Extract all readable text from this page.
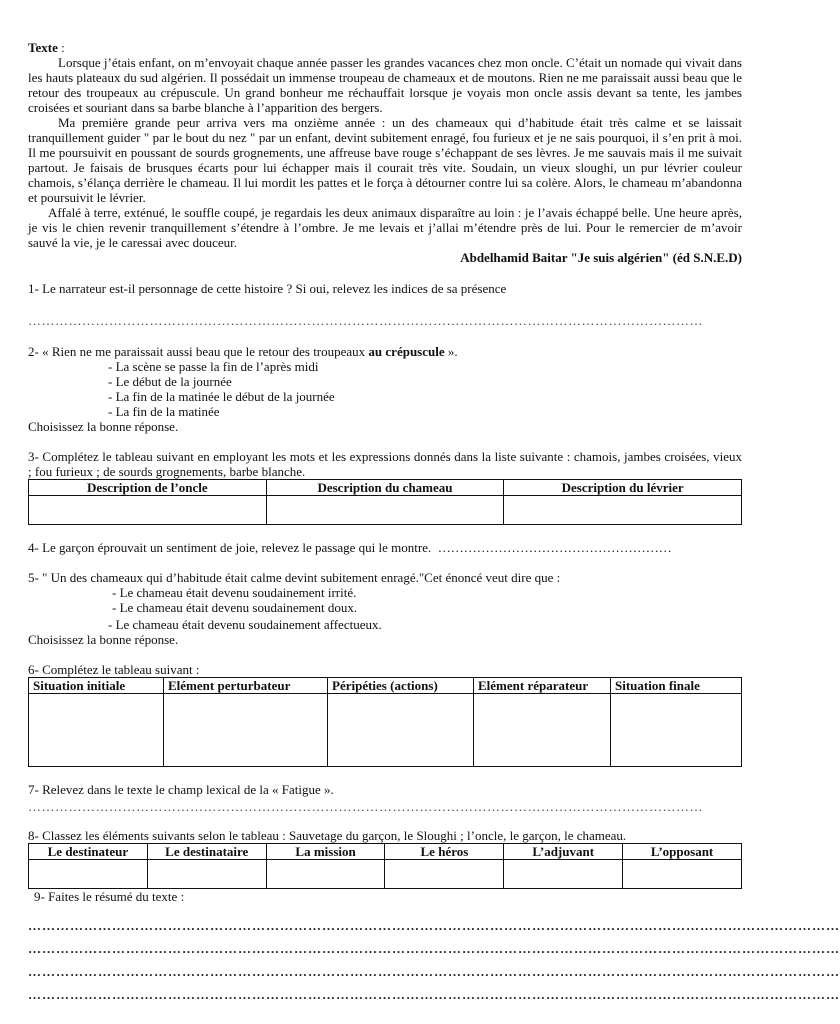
Texte :

Lorsque j’étais enfant, on m’envoyait chaque année passer les grandes vacances chez mon oncle. C’était un nomade qui vivait dans les hauts plateaux du sud algérien. Il possédait un immense troupeau de chameaux et de moutons. Rien ne me paraissait aussi beau que le retour des troupeaux au crépuscule. Un grand bonheur me réchauffait lorsque je voyais mon oncle assis devant sa tente, les jambes croisées et souriant dans sa barbe blanche à l’apparition des bergers.

Ma première grande peur arriva vers ma onzième année : un des chameaux qui d’habitude était très calme et se laissait tranquillement guider " par le bout du nez " par un enfant, devint subitement enragé, fou furieux et je ne sais pourquoi, il s’en prit à moi. Il me poursuivit en poussant de sourds grognements, une affreuse bave rouge s’échappant de ses lèvres. Je me sauvais mais il me suivait partout. Je faisais de brusques écarts pour lui échapper mais il courait très vite. Soudain, un vieux sloughi, un pur lévrier couleur chamois, s’élança derrière le chameau. Il lui mordit les pattes et le força à détourner contre lui sa colère. Alors, le chameau m’abandonna et poursuivit le lévrier.

Affalé à terre, exténué, le souffle coupé, je regardais les deux animaux disparaître au loin : je l’avais échappé belle. Une heure après, je vis le chien revenir tranquillement s’étendre à l’ombre. Je me levais et j’allai m’étendre près de lui. Pour le remercier de m’avoir sauvé la vie, je le caressai avec douceur.

Abdelhamid Baitar "Je suis algérien" (éd S.N.E.D)

1- Le narrateur est-il personnage de cette histoire ? Si oui, relevez les indices de sa présence

……………………………………………………………………………………………………………………………………

2- « Rien ne me paraissait aussi beau que le retour des troupeaux au crépuscule ».

- La scène se passe la fin de l’après midi

- Le début de la journée

- La fin de la matinée le début de la journée

- La fin de la matinée

Choisissez la bonne réponse.

3- Complétez le tableau suivant en employant les mots et les expressions donnés dans la liste suivante : chamois, jambes croisées, vieux ; fou furieux ; de sourds grognements, barbe blanche.

Description de l’oncle	Description du chameau	Description du lévrier

4- Le garçon éprouvait un sentiment de joie, relevez le passage qui le montre. ………………………………………………

5- " Un des chameaux qui d’habitude était calme devint subitement enragé."Cet énoncé veut dire que :

- Le chameau était devenu soudainement irrité.

- Le chameau était devenu soudainement doux.

- Le chameau était devenu soudainement affectueux.

Choisissez la bonne réponse.

6- Complétez le tableau suivant :

Situation initiale	Elément perturbateur	Péripéties (actions)	Elément réparateur	Situation finale

7- Relevez dans le texte le champ lexical de la « Fatigue ».

……………………………………………………………………………………………………………………………………

8- Classez les éléments suivants selon le tableau : Sauvetage du garçon, le Sloughi ; l’oncle, le garçon, le chameau.

Le destinateur	Le destinataire	La mission	Le héros	L’adjuvant	L’opposant

9- Faites le résumé du texte :

…………………………………………………………………………………………………………………………………………………………
…………………………………………………………………………………………………………………………………………………………
…………………………………………………………………………………………………………………………………………………………
…………………………………………………………………………………………………………………………………………………………
